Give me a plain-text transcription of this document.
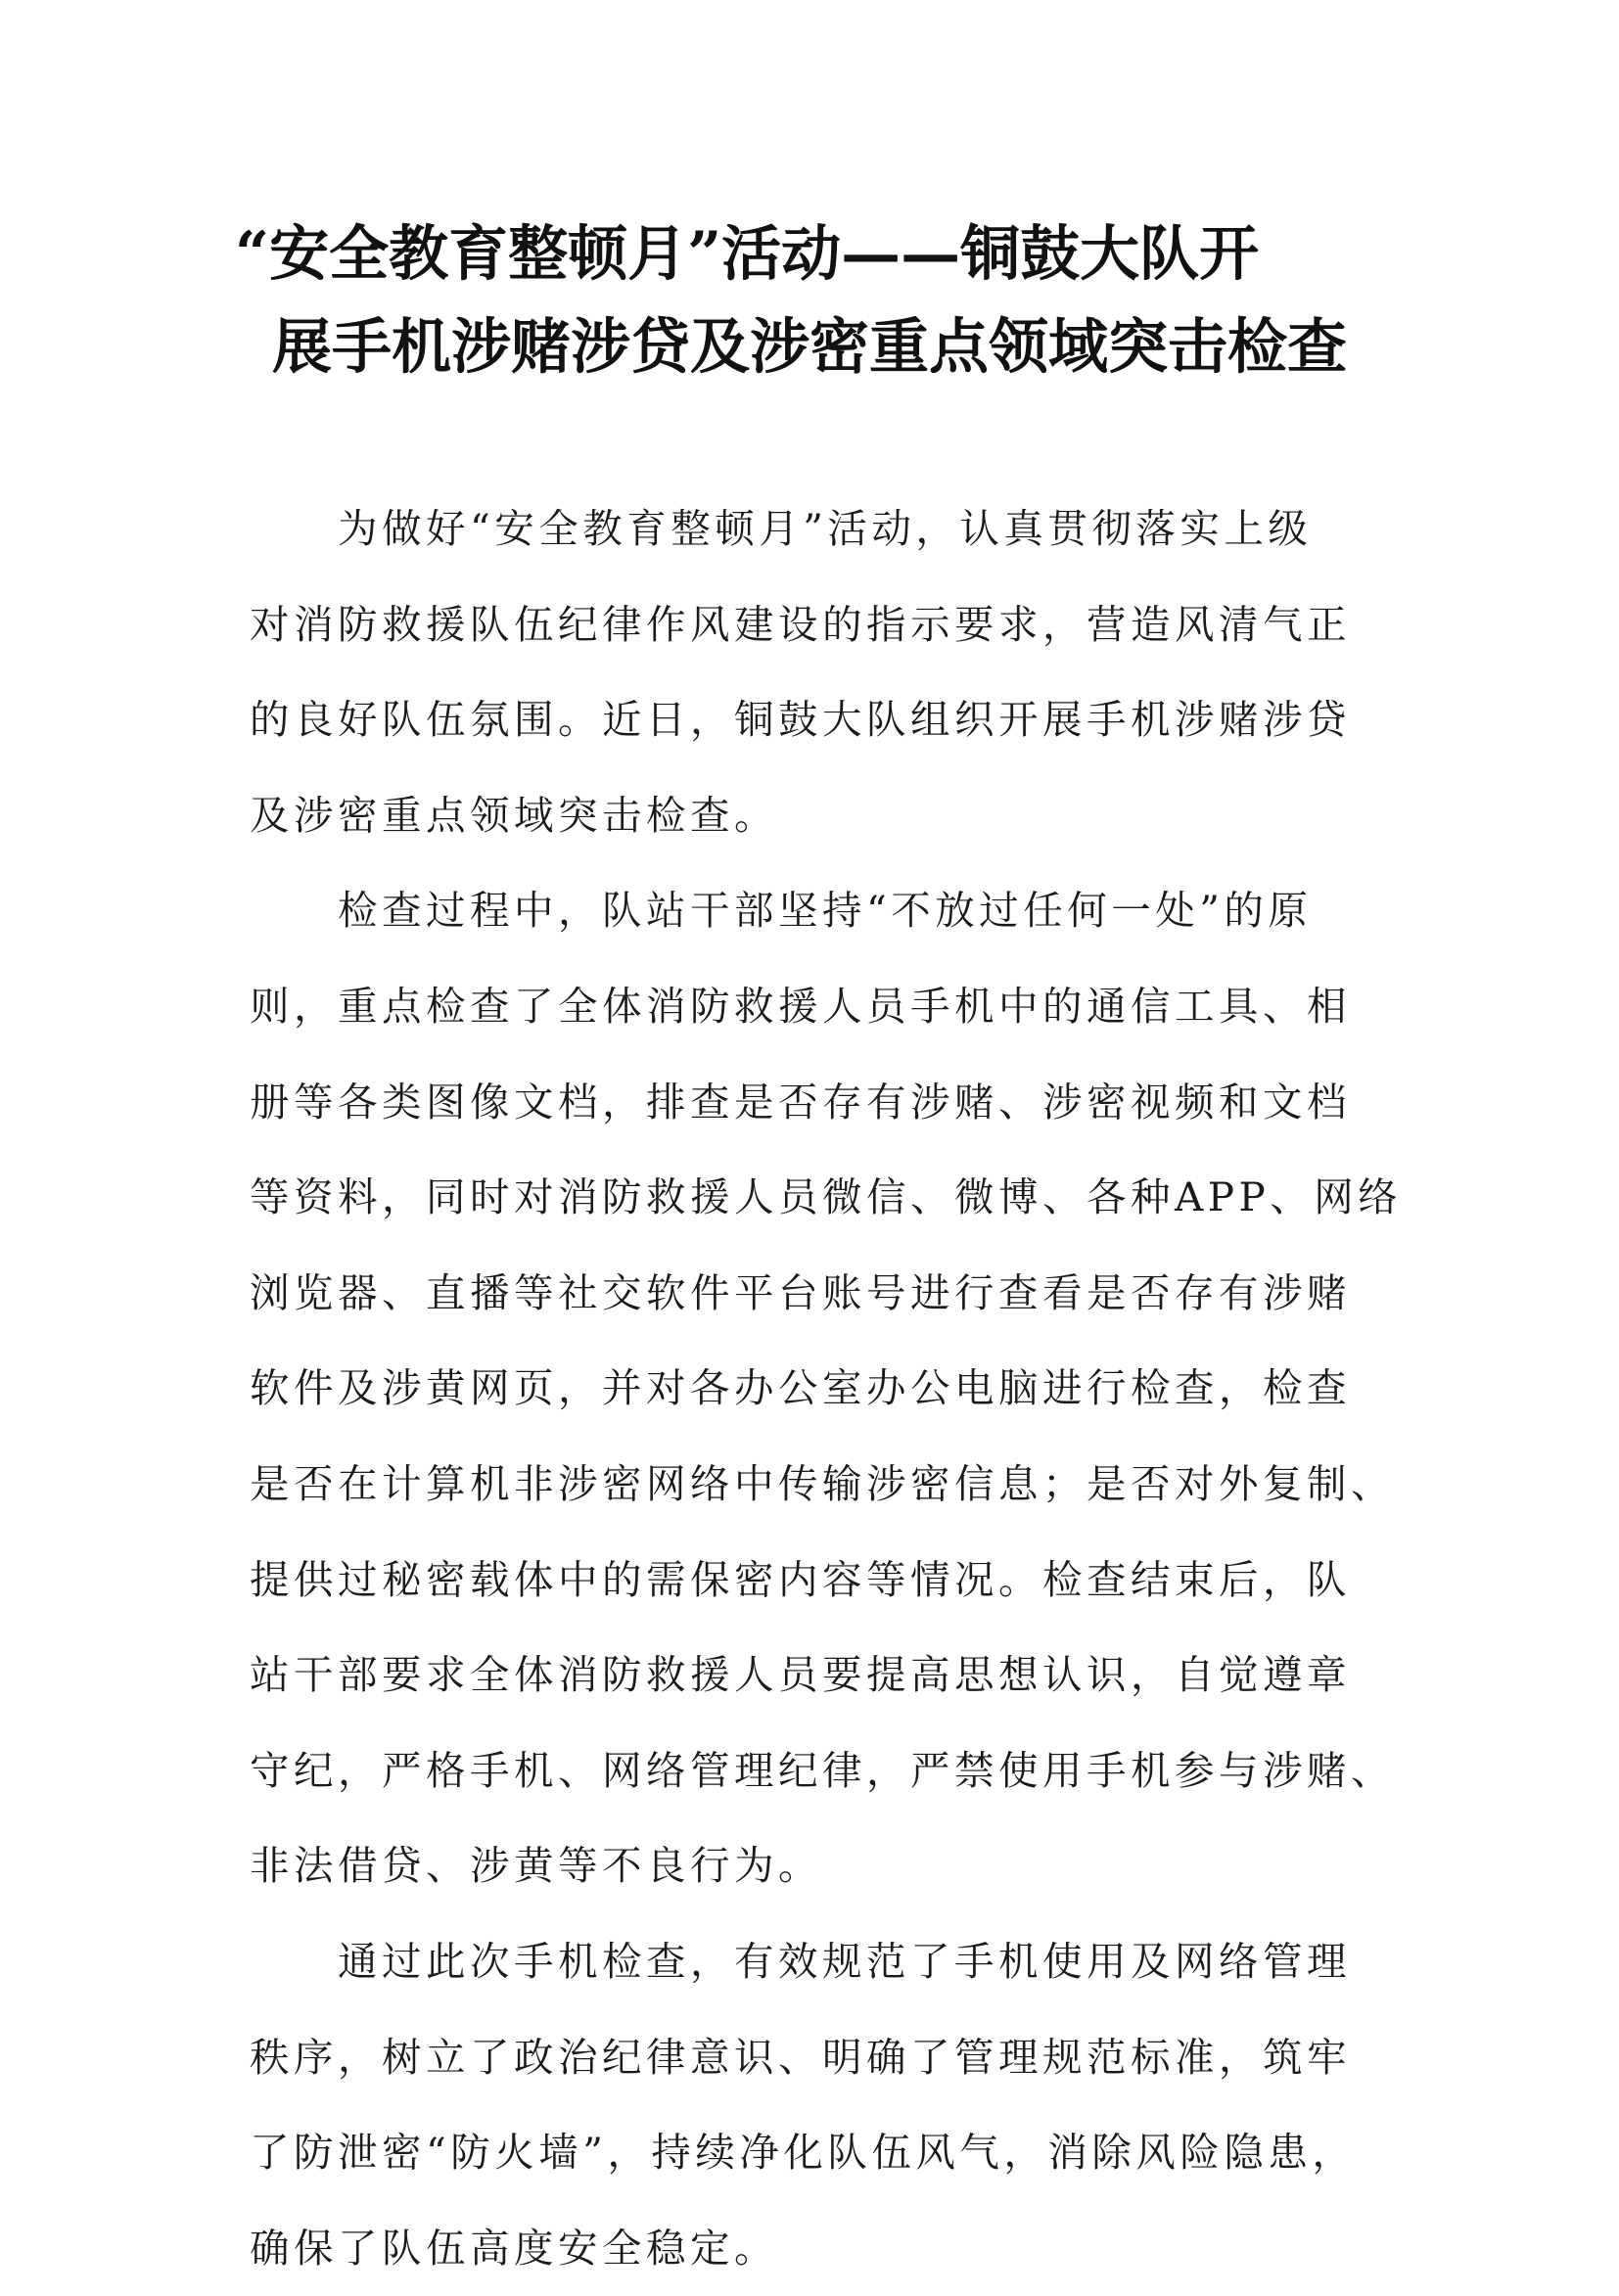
“安全教育整顿月”活动——铜鼓大队开
展手机涉赌涉贷及涉密重点领域突击检查

为做好“安全教育整顿月”活动，认真贯彻落实上级
对消防救援队伍纪律作风建设的指示要求，营造风清气正
的良好队伍氛围。近日，铜鼓大队组织开展手机涉赌涉贷
及涉密重点领域突击检查。

检查过程中，队站干部坚持“不放过任何一处”的原
则，重点检查了全体消防救援人员手机中的通信工具、相
册等各类图像文档，排查是否存有涉赌、涉密视频和文档
等资料，同时对消防救援人员微信、微博、各种APP、网络
浏览器、直播等社交软件平台账号进行查看是否存有涉赌
软件及涉黄网页，并对各办公室办公电脑进行检查，检查
是否在计算机非涉密网络中传输涉密信息；是否对外复制、
提供过秘密载体中的需保密内容等情况。检查结束后，队
站干部要求全体消防救援人员要提高思想认识，自觉遵章
守纪，严格手机、网络管理纪律，严禁使用手机参与涉赌、
非法借贷、涉黄等不良行为。

通过此次手机检查，有效规范了手机使用及网络管理
秩序，树立了政治纪律意识、明确了管理规范标准，筑牢
了防泄密“防火墙”，持续净化队伍风气，消除风险隐患，
确保了队伍高度安全稳定。
